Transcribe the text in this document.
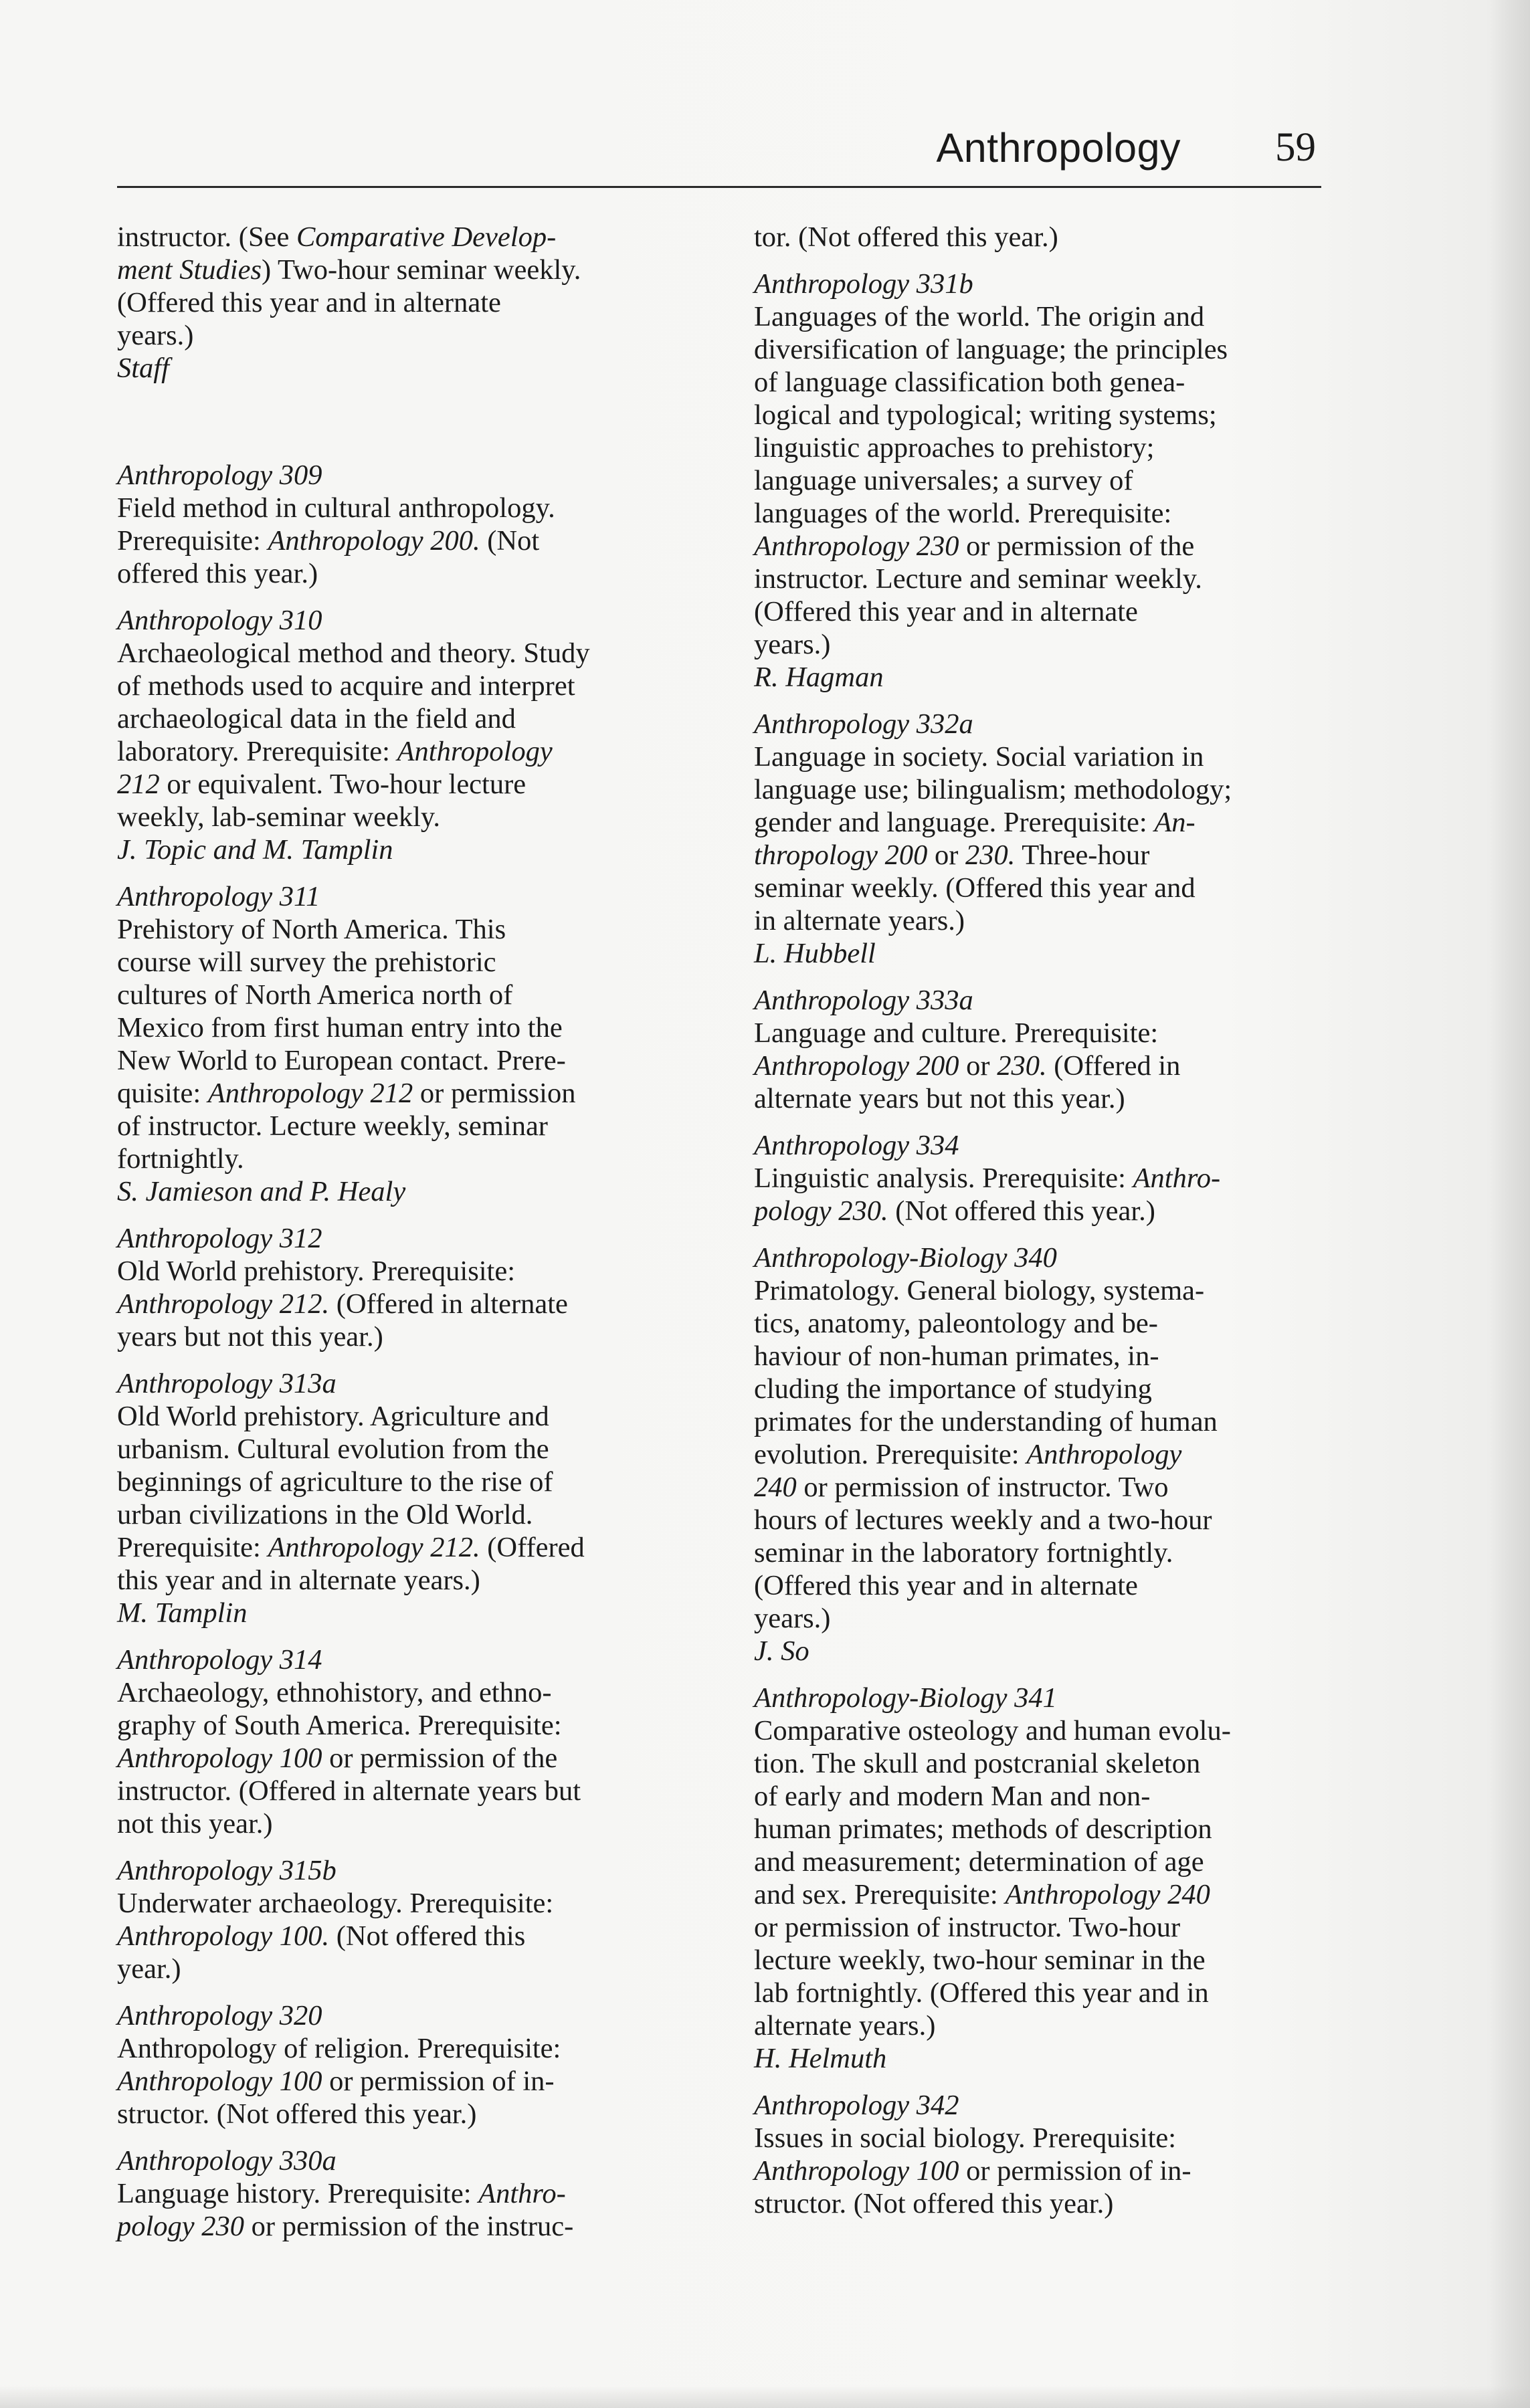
Anthropology 59
instructor. (See Comparative Develop-
ment Studies) Two-hour seminar weekly.
(Offered this year and in alternate
years.)
Staff
Anthropology 309
Field method in cultural anthropology.
Prerequisite: Anthropology 200. (Not
offered this year.)
Anthropology 310
Archaeological method and theory. Study
of methods used to acquire and interpret
archaeological data in the field and
laboratory. Prerequisite: Anthropology
212 or equivalent. Two-hour lecture
weekly, lab-seminar weekly.
J. Topic and M. Tamplin
Anthropology 311
Prehistory of North America. This
course will survey the prehistoric
cultures of North America north of
Mexico from first human entry into the
New World to European contact. Prere-
quisite: Anthropology 212 or permission
of instructor. Lecture weekly, seminar
fortnightly.
S. Jamieson and P. Healy
Anthropology 312
Old World prehistory. Prerequisite:
Anthropology 212. (Offered in alternate
years but not this year.)
Anthropology 313a
Old World prehistory. Agriculture and
urbanism. Cultural evolution from the
beginnings of agriculture to the rise of
urban civilizations in the Old World.
Prerequisite: Anthropology 212. (Offered
this year and in alternate years.)
M. Tamplin
Anthropology 314
Archaeology, ethnohistory, and ethno-
graphy of South America. Prerequisite:
Anthropology 100 or permission of the
instructor. (Offered in alternate years but
not this year.)
Anthropology 315b
Underwater archaeology. Prerequisite:
Anthropology 100. (Not offered this
year.)
Anthropology 320
Anthropology of religion. Prerequisite:
Anthropology 100 or permission of in-
structor. (Not offered this year.)
Anthropology 330a
Language history. Prerequisite: Anthro-
pology 230 or permission of the instruc-
tor. (Not offered this year.)
Anthropology 331b
Languages of the world. The origin and
diversification of language; the principles
of language classification both genea-
logical and typological; writing systems;
linguistic approaches to prehistory;
language universales; a survey of
languages of the world. Prerequisite:
Anthropology 230 or permission of the
instructor. Lecture and seminar weekly.
(Offered this year and in alternate
years.)
R. Hagman
Anthropology 332a
Language in society. Social variation in
language use; bilingualism; methodology;
gender and language. Prerequisite: An-
thropology 200 or 230. Three-hour
seminar weekly. (Offered this year and
in alternate years.)
L. Hubbell
Anthropology 333a
Language and culture. Prerequisite:
Anthropology 200 or 230. (Offered in
alternate years but not this year.)
Anthropology 334
Linguistic analysis. Prerequisite: Anthro-
pology 230. (Not offered this year.)
Anthropology-Biology 340
Primatology. General biology, systema-
tics, anatomy, paleontology and be-
haviour of non-human primates, in-
cluding the importance of studying
primates for the understanding of human
evolution. Prerequisite: Anthropology
240 or permission of instructor. Two
hours of lectures weekly and a two-hour
seminar in the laboratory fortnightly.
(Offered this year and in alternate
years.)
J. So
Anthropology-Biology 341
Comparative osteology and human evolu-
tion. The skull and postcranial skeleton
of early and modern Man and non-
human primates; methods of description
and measurement; determination of age
and sex. Prerequisite: Anthropology 240
or permission of instructor. Two-hour
lecture weekly, two-hour seminar in the
lab fortnightly. (Offered this year and in
alternate years.)
H. Helmuth
Anthropology 342
Issues in social biology. Prerequisite:
Anthropology 100 or permission of in-
structor. (Not offered this year.)
